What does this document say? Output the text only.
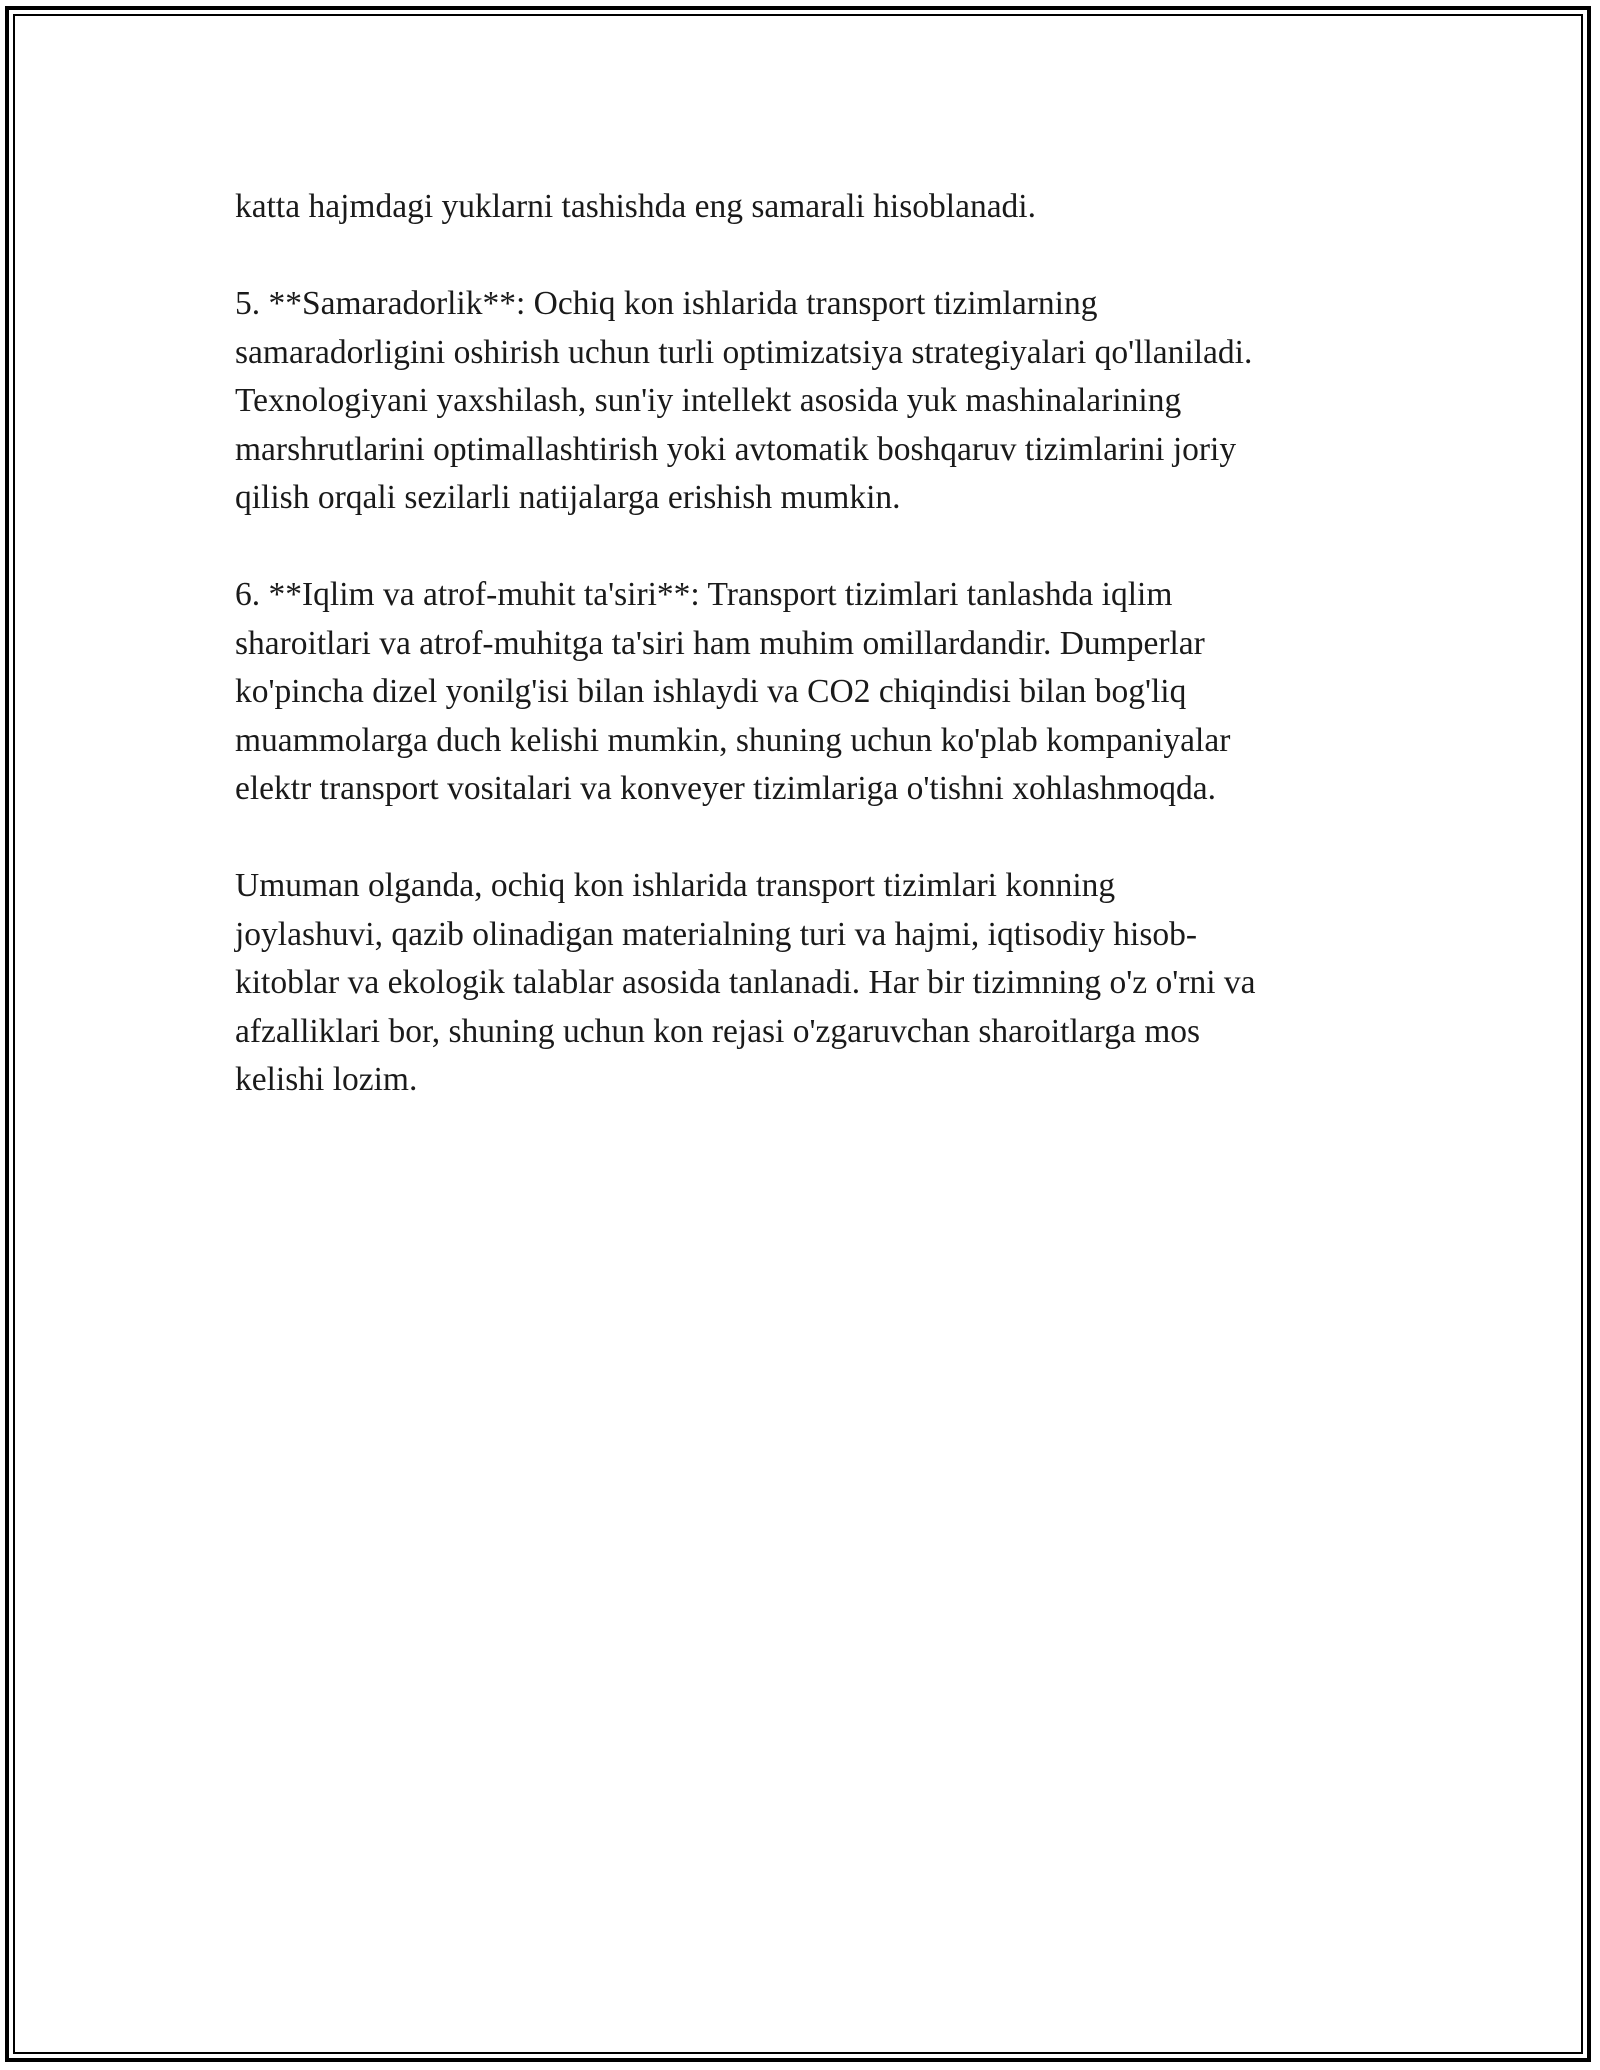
katta hajmdagi yuklarni tashishda eng samarali hisoblanadi.

5. **Samaradorlik**: Ochiq kon ishlarida transport tizimlarning
samaradorligini oshirish uchun turli optimizatsiya strategiyalari qo'llaniladi.
Texnologiyani yaxshilash, sun'iy intellekt asosida yuk mashinalarining
marshrutlarini optimallashtirish yoki avtomatik boshqaruv tizimlarini joriy
qilish orqali sezilarli natijalarga erishish mumkin.

6. **Iqlim va atrof-muhit ta'siri**: Transport tizimlari tanlashda iqlim
sharoitlari va atrof-muhitga ta'siri ham muhim omillardandir. Dumperlar
ko'pincha dizel yonilg'isi bilan ishlaydi va CO2 chiqindisi bilan bog'liq
muammolarga duch kelishi mumkin, shuning uchun ko'plab kompaniyalar
elektr transport vositalari va konveyer tizimlariga o'tishni xohlashmoqda.

Umuman olganda, ochiq kon ishlarida transport tizimlari konning
joylashuvi, qazib olinadigan materialning turi va hajmi, iqtisodiy hisob-
kitoblar va ekologik talablar asosida tanlanadi. Har bir tizimning o'z o'rni va
afzalliklari bor, shuning uchun kon rejasi o'zgaruvchan sharoitlarga mos
kelishi lozim.
